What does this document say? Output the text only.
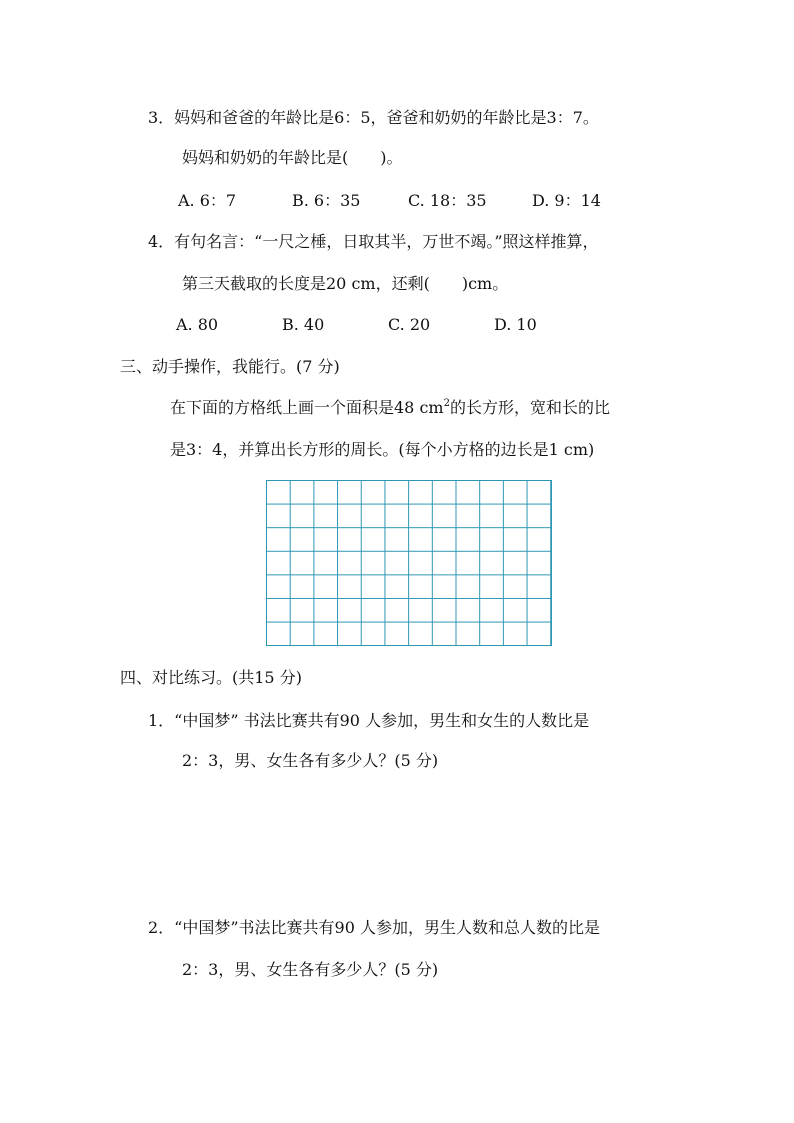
3．妈妈和爸爸的年龄比是6：5，爸爸和奶奶的年龄比是3：7。
妈妈和奶奶的年龄比是(　　)。
A. 6：7	B. 6：35	C. 18：35	D. 9：14
4．有句名言：“一尺之棰，日取其半，万世不竭。”照这样推算，
第三天截取的长度是20 cm，还剩(　　)cm。
A. 80	B. 40	C. 20	D. 10
三、动手操作，我能行。(7 分)
在下面的方格纸上画一个面积是48 $cm^2$的长方形，宽和长的比
是3：4，并算出长方形的周长。(每个小方格的边长是1 cm)
四、对比练习。(共15 分)
1．“中国梦” 书法比赛共有90 人参加，男生和女生的人数比是
2：3，男、女生各有多少人？(5 分)
2．“中国梦”书法比赛共有90 人参加，男生人数和总人数的比是
2：3，男、女生各有多少人？(5 分)
